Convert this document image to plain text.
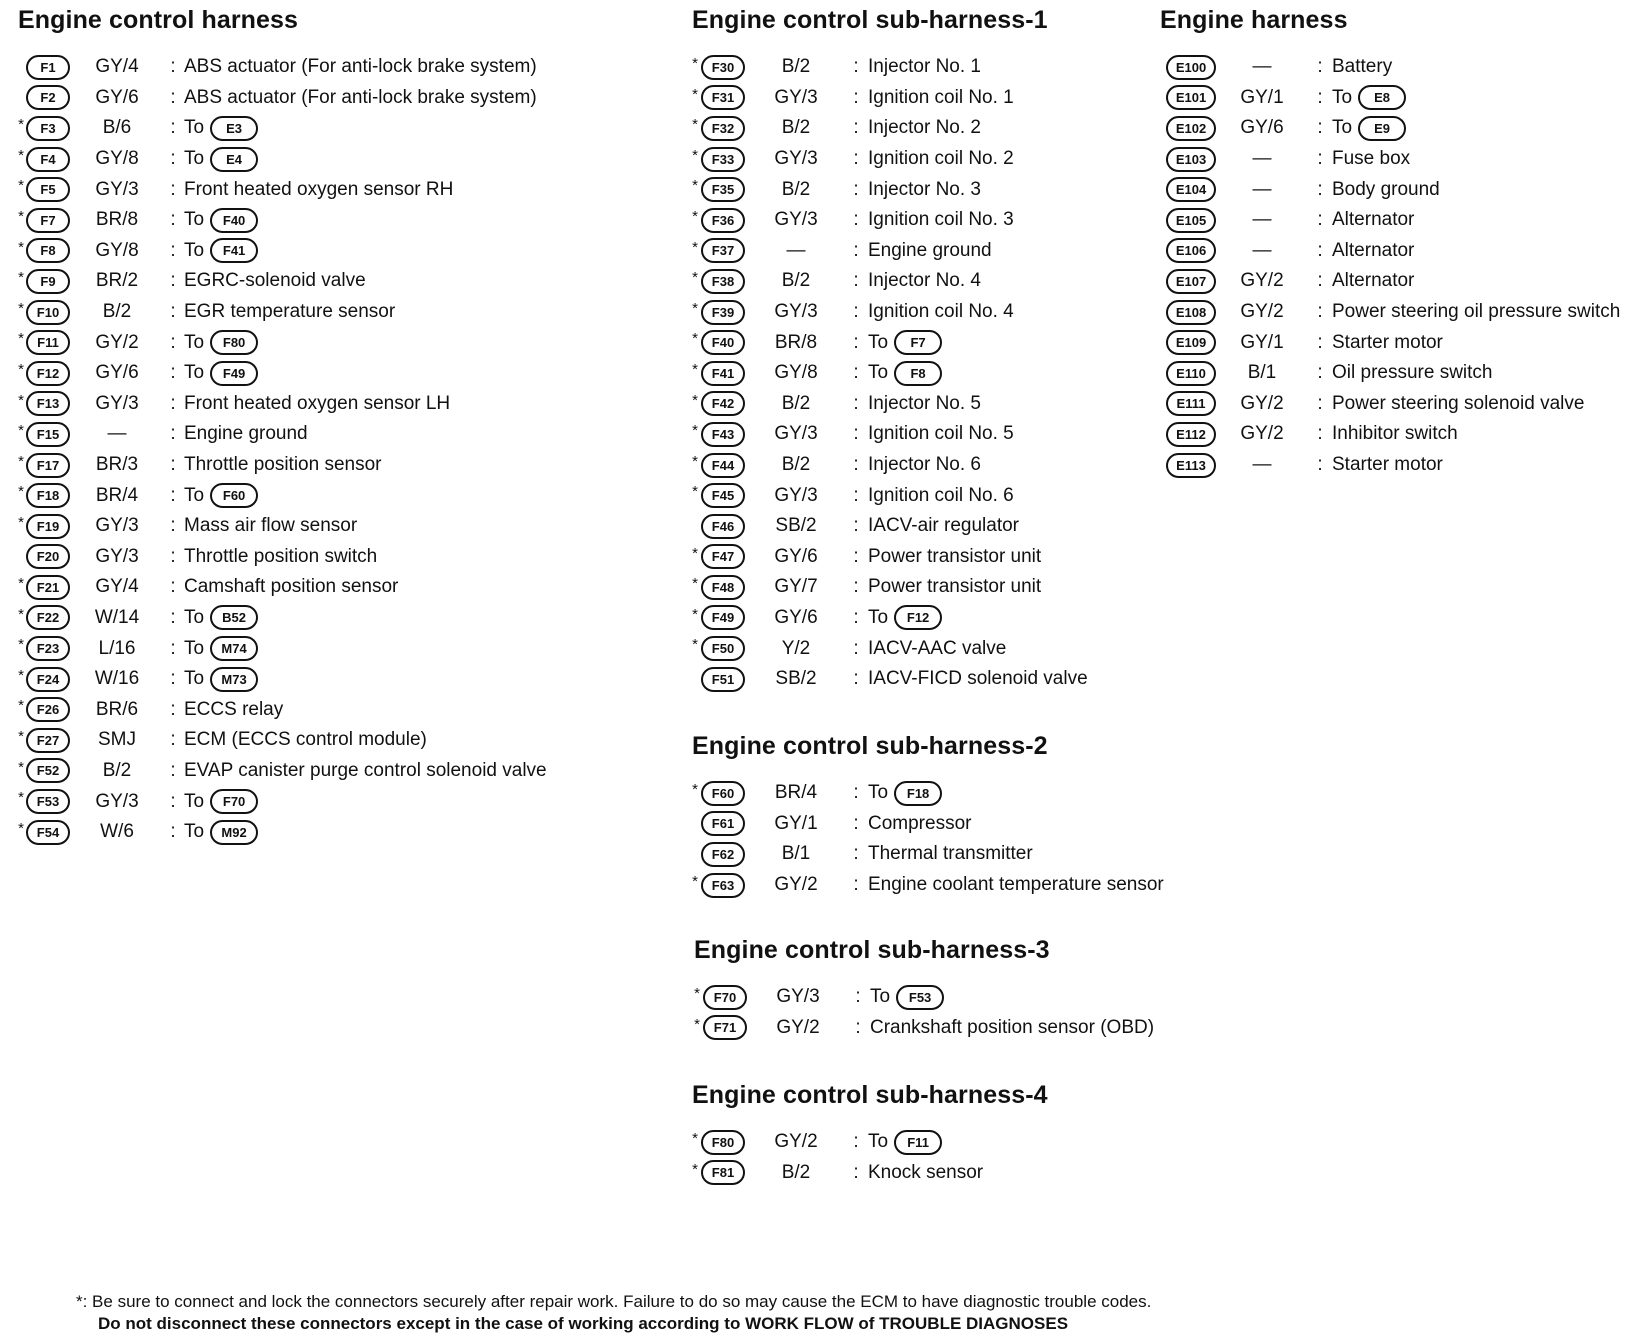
Engine control harness
F1	GY/4	: ABS actuator (For anti-lock brake system)
F2	GY/6	: ABS actuator (For anti-lock brake system)
*	F3	B/6	: To	E3
*	F4	GY/8	: To	E4
*	F5	GY/3	: Front heated oxygen sensor RH
*	F7	BR/8	: To	F40
*	F8	GY/8	: To	F41
*	F9	BR/2	: EGRC-solenoid valve
* F10	B/2	: EGR temperature sensor
*	F11	GY/2	: To	F80
* F12	GY/6	: To	F49
* F13	GY/3	: Front heated oxygen sensor LH
* F15	—	: Engine ground
* F17	BR/3	: Throttle position sensor
* F18	BR/4	: To	F60
* F19	GY/3	: Mass air flow sensor
F20	GY/3	: Throttle position switch
* F21	GY/4	: Camshaft position sensor
* F22	W/14	: To	B52
* F23	L/16	: To	M74
* F24	W/16	: To	M73
* F26	BR/6	: ECCS relay
* F27	SMJ	: ECM (ECCS control module)
* F52	B/2	: EVAP canister purge control solenoid valve
* F53	GY/3	: To	F70
* F54	W/6	: To	M92
Engine control sub-harness-1
*	F30	B/2	: Injector No. 1
*	F31	GY/3	: Ignition coil No. 1
*	F32	B/2	: Injector No. 2
*	F33	GY/3	: Ignition coil No. 2
*	F35	B/2	: Injector No. 3
*	F36	GY/3	: Ignition coil No. 3
*	F37	—	: Engine ground
*	F38	B/2	: Injector No. 4
*	F39	GY/3	: Ignition coil No. 4
*	F40	BR/8	: To	F7
*	F41	GY/8	: To	F8
*	F42	B/2	: Injector No. 5
*	F43	GY/3	: Ignition coil No. 5
*	F44	B/2	: Injector No. 6
*	F45	GY/3	: Ignition coil No. 6
F46	SB/2	: IACV-air regulator
*	F47	GY/6	: Power transistor unit
*	F48	GY/7	: Power transistor unit
*	F49	GY/6	: To	F12
*	F50	Y/2	: IACV-AAC valve
F51	SB/2	: IACV-FICD solenoid valve
Engine control sub-harness-2
*	F60	BR/4	: To	F18
F61	GY/1	: Compressor
F62	B/1	: Thermal transmitter
*	F63	GY/2	: Engine coolant temperature sensor
Engine control sub-harness-3
*	F70	GY/3	: To	F53
*	F71	GY/2	: Crankshaft position sensor (OBD)
Engine control sub-harness-4
*	F80	GY/2	: To	F11
*	F81	B/2	: Knock sensor
Engine harness
E100	—	: Battery
E101	GY/1	: To	E8
E102	GY/6	: To	E9
E103	—	: Fuse box
E104	—	: Body ground
E105	—	: Alternator
E106	—	: Alternator
E107	GY/2	: Alternator
E108	GY/2	: Power steering oil pressure switch
E109	GY/1	: Starter motor
E110	B/1	: Oil pressure switch
E111	GY/2	: Power steering solenoid valve
E112	GY/2	: Inhibitor switch
E113	—	: Starter motor
*: Be sure to connect and lock the connectors securely after repair work. Failure to do so may cause the ECM to have diagnostic trouble codes.
Do not disconnect these connectors except in the case of working according to WORK FLOW of TROUBLE DIAGNOSES
